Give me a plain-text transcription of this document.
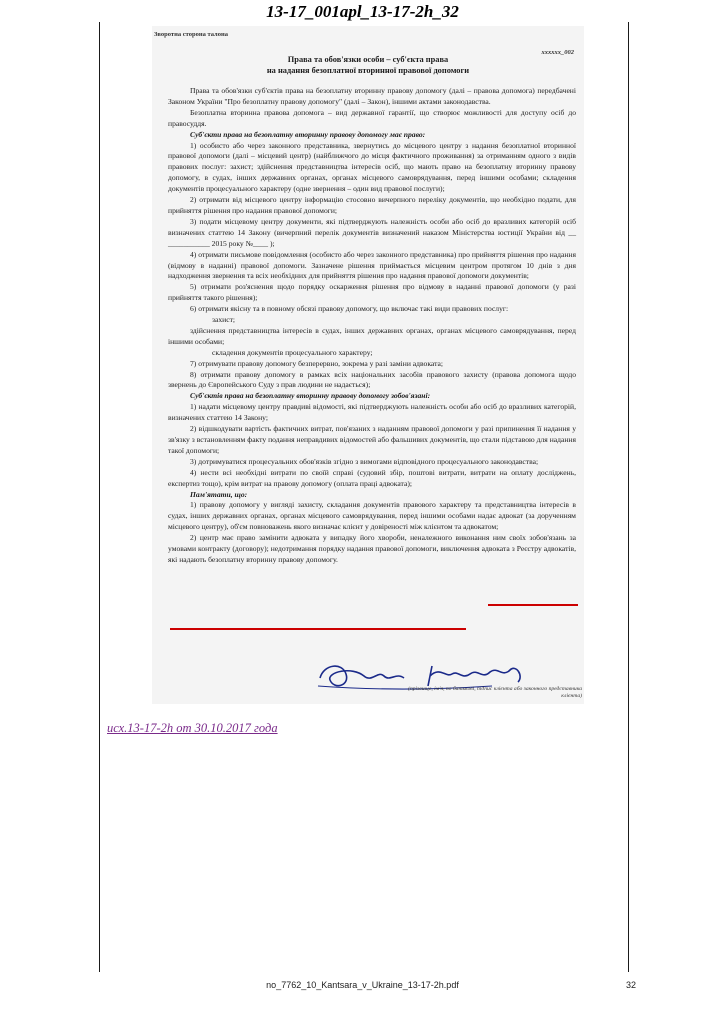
13-17_001apl_13-17-2h_32
Зворотна сторона талона
xxxxxx_002
Права та обов'язки особи – суб'єкта права
на надання безоплатної вторинної правової допомоги

Права та обов'язки суб'єктів права на безоплатну вторинну правову допомогу (далі – правова допомога) передбачені Законом України "Про безоплатну правову допомогу" (далі – Закон), іншими актами законодавства.

Безоплатна вторинна правова допомога – вид державної гарантії, що створює можливості для доступу осіб до правосуддя.

Суб'єкти права на безоплатну вторинну правову допомогу має право:

1) особисто або через законного представника, звернутись до місцевого центру з надання безоплатної вторинної правової допомоги (далі – місцевий центр) (найближчого до місця фактичного проживання) за отриманням одного з видів правових послуг: захист; здійснення представництва інтересів осіб, що мають право на безоплатну вторинну правову допомогу, в судах, інших державних органах, органах місцевого самоврядування, перед іншими особами; складення документів процесуального характеру (одне звернення – один вид правової послуги);

2) отримати від місцевого центру інформацію стосовно вичерпного переліку документів, що необхідно подати, для прийняття рішення про надання правової допомоги;

3) подати місцевому центру документи, які підтверджують належність особи або осіб до вразливих категорій осіб визначених статтею 14 Закону (вичерпний перелік документів визначений наказом Міністерства юстиції України від __ ___________ 2015 року №____ );

4) отримати письмове повідомлення (особисто або через законного представника) про прийняття рішення про надання (відмову в наданні) правової допомоги. Зазначене рішення приймається місцевим центром протягом 10 днів з дня надходження звернення та всіх необхідних для прийняття рішення про надання правової допомоги документів;

5) отримати роз'яснення щодо порядку оскарження рішення про відмову в наданні правової допомоги (у разі прийняття такого рішення);

6) отримати якісну та в повному обсязі правову допомогу, що включає такі види правових послуг:

захист;

здійснення представництва інтересів в судах, інших державних органах, органах місцевого самоврядування, перед іншими особами;

складення документів процесуального характеру;

7) отримувати правову допомогу безперервно, зокрема у разі заміни адвоката;

8) отримати правову допомогу в рамках всіх національних засобів правового захисту (правова допомога щодо звернень до Європейського Суду з прав людини не надається);

Суб'єктів права на безоплатну вторинну правову допомогу зобов'язані:

1) надати місцевому центру правдиві відомості, які підтверджують належність особи або осіб до вразливих категорій, визначених статтею 14 Закону;

2) відшкодувати вартість фактичних витрат, пов'язаних з наданням правової допомоги у разі припинення її надання у зв'язку з встановленням факту подання неправдивих відомостей або фальшивих документів, що стали підставою для надання такої допомоги;

3) дотримуватися процесуальних обов'язків згідно з вимогами відповідного процесуального законодавства;

4) нести всі необхідні витрати по своїй справі (судовий збір, поштові витрати, витрати на оплату досліджень, експертиз тощо), крім витрат на правову допомогу (оплата праці адвоката);

Пам'ятати, що:

1) правову допомогу у вигляді захисту, складання документів правового характеру та представництва інтересів в судах, інших державних органах, органах місцевого самоврядування, перед іншими особами надає адвокат (за дорученням місцевого центру), об'єм повноважень якого визначає клієнт у довіреності між клієнтом та адвокатом;

2) центр має право замінити адвоката у випадку його хвороби, неналежного виконання ним своїх зобов'язань за умовами контракту (договору); недотримання порядку надання правової допомоги, виключення адвоката з Реєстру адвокатів, які надають безоплатну вторинну правову допомогу.

(прізвище, ім'я, по батькові, підпис клієнта або законного представника клієнта)
исх.13-17-2h от 30.10.2017 года
no_7762_10_Kantsara_v_Ukraine_13-17-2h.pdf	32
